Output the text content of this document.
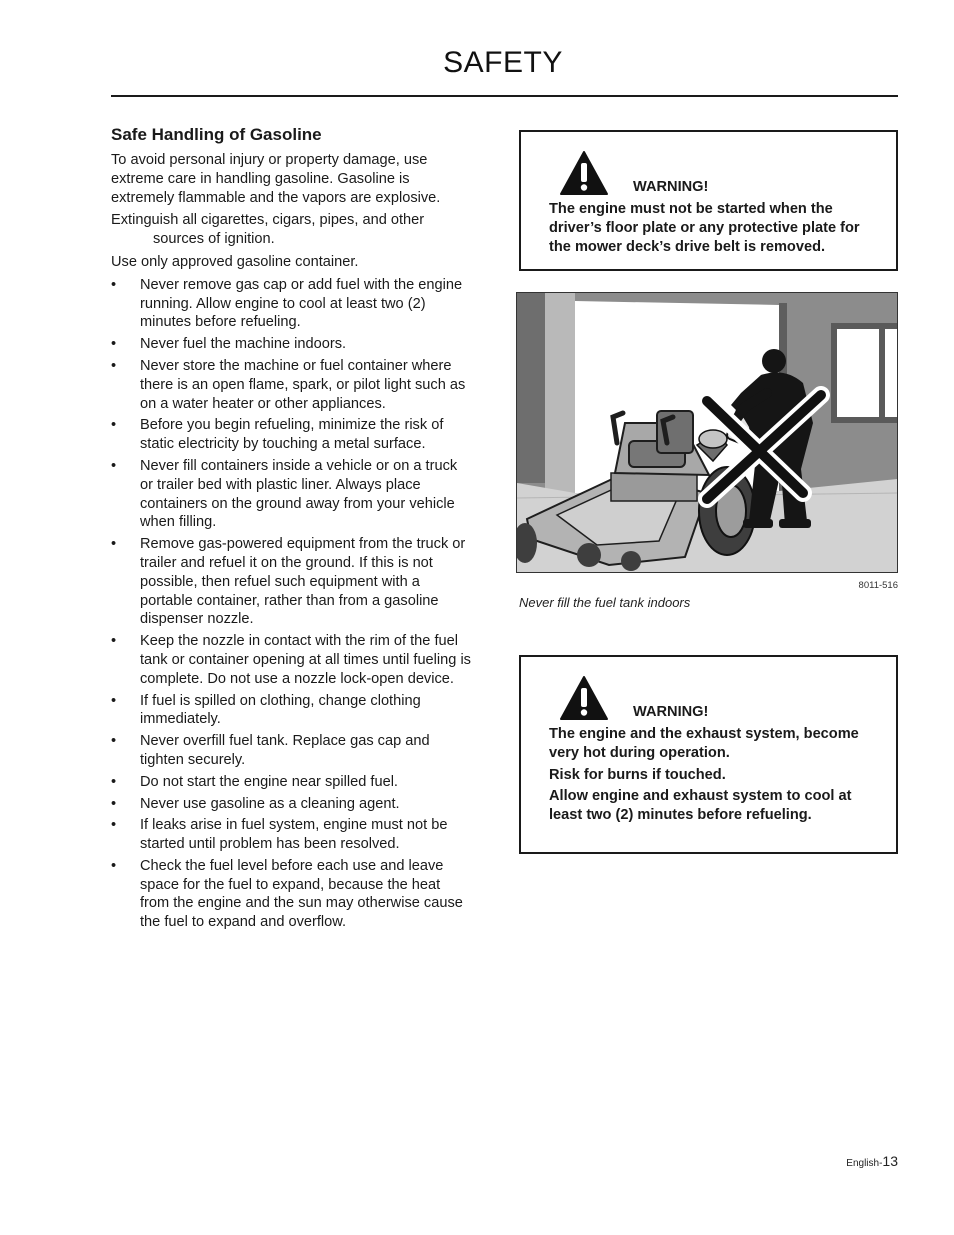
SAFETY
Safe Handling of Gasoline

To avoid personal injury or property damage, use extreme care in handling gasoline. Gasoline is extremely flammable and the vapors are explosive.

Extinguish all cigarettes, cigars, pipes, and other sources of ignition.

Use only approved gasoline container.

• Never remove gas cap or add fuel with the engine running. Allow engine to cool at least two (2) minutes before refueling.
• Never fuel the machine indoors.
• Never store the machine or fuel container where there is an open flame, spark, or pilot light such as on a water heater or other appliances.
• Before you begin refueling, minimize the risk of static electricity by touching a metal surface.
• Never fill containers inside a vehicle or on a truck or trailer bed with plastic liner. Always place containers on the ground away from your vehicle when filling.
• Remove gas-powered equipment from the truck or trailer and refuel it on the ground. If this is not possible, then refuel such equipment with a portable container, rather than from a gasoline dispenser nozzle.
• Keep the nozzle in contact with the rim of the fuel tank or container opening at all times until fueling is complete. Do not use a nozzle lock-open device.
• If fuel is spilled on clothing, change clothing immediately.
• Never overfill fuel tank. Replace gas cap and tighten securely.
• Do not start the engine near spilled fuel.
• Never use gasoline as a cleaning agent.
• If leaks arise in fuel system, engine must not be started until problem has been resolved.
• Check the fuel level before each use and leave space for the fuel to expand, because the heat from the engine and the sun may otherwise cause the fuel to expand and overflow.
WARNING!

The engine must not be started when the driver’s floor plate or any protective plate for the mower deck’s drive belt is removed.

8011-516
Never fill the fuel tank indoors
WARNING!

The engine and the exhaust system, become very hot during operation.

Risk for burns if touched.

Allow engine and exhaust system to cool at least two (2) minutes before refueling.

English-13
